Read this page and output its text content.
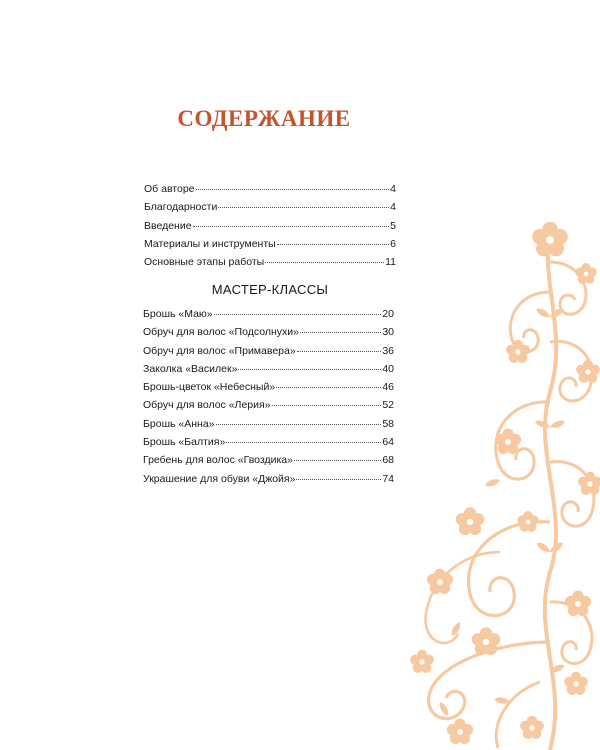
СОДЕРЖАНИЕ
Об авторе	4
Благодарности	4
Введение	5
Материалы и инструменты	6
Основные этапы работы	11
МАСТЕР-КЛАССЫ
Брошь «Маю»	20
Обруч для волос «Подсолнухи»	30
Обруч для волос «Примавера»	36
Заколка «Василек»	40
Брошь-цветок «Небесный»	46
Обруч для волос «Лерия»	52
Брошь «Анна»	58
Брошь «Балтия»	64
Гребень для волос «Гвоздика»	68
Украшение для обуви «Джойя»	74
